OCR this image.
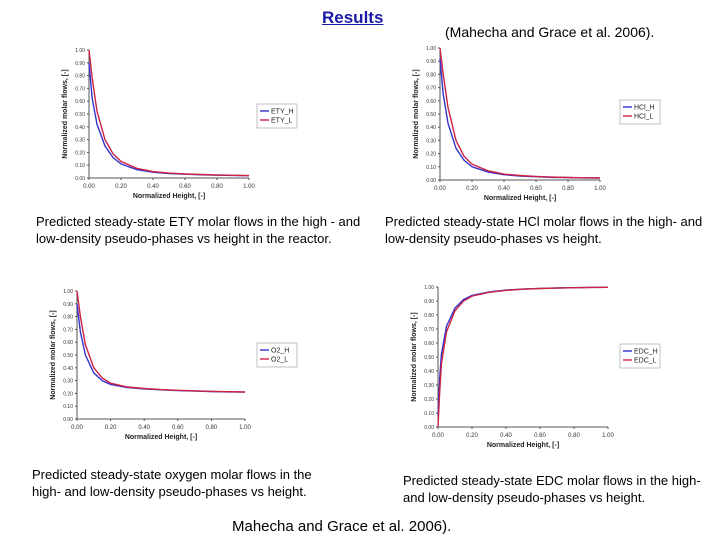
Results
(Mahecha and Grace et al. 2006).
0.00
0.10
0.20
0.30
0.40
0.50
0.60
0.70
0.80
0.90
1.00
0.00	0.20	0.40	0.60	0.80	1.00
Normalized Height, [-]
Normalized molar flows, [-]	ETY_H
ETY_L
0.00
0.10
0.20
0.30
0.40
0.50
0.60
0.70
0.80
0.90
1.00
0.00	0.20	0.40	0.60	0.80	1.00
Normalized Height, [-]
Normalized molar flows, [-]	HCl_H
HCl_L
0.00
0.10
0.20
0.30
0.40
0.50
0.60
0.70
0.80
0.90
1.00
0.00	0.20	0.40	0.60	0.80	1.00
Normalized Height, [-]
Normalized molar flows, [-]	O2_H
O2_L
0.00
0.10
0.20
0.30
0.40
0.50
0.60
0.70
0.80
0.90
1.00
0.00	0.20	0.40	0.60	0.80	1.00
Normalized Height, [-]
Normalized molar flows, [-]	EDC_H
EDC_L
Predicted steady-state ETY molar flows in the high - and low-density pseudo-phases vs height in the reactor.
Predicted steady-state HCl molar flows in the high- and low-density pseudo-phases vs height.
Predicted steady-state oxygen molar flows in the high- and low-density pseudo-phases vs height.
Predicted steady-state EDC molar flows in the high- and low-density pseudo-phases vs height.
Mahecha and Grace et al. 2006).
